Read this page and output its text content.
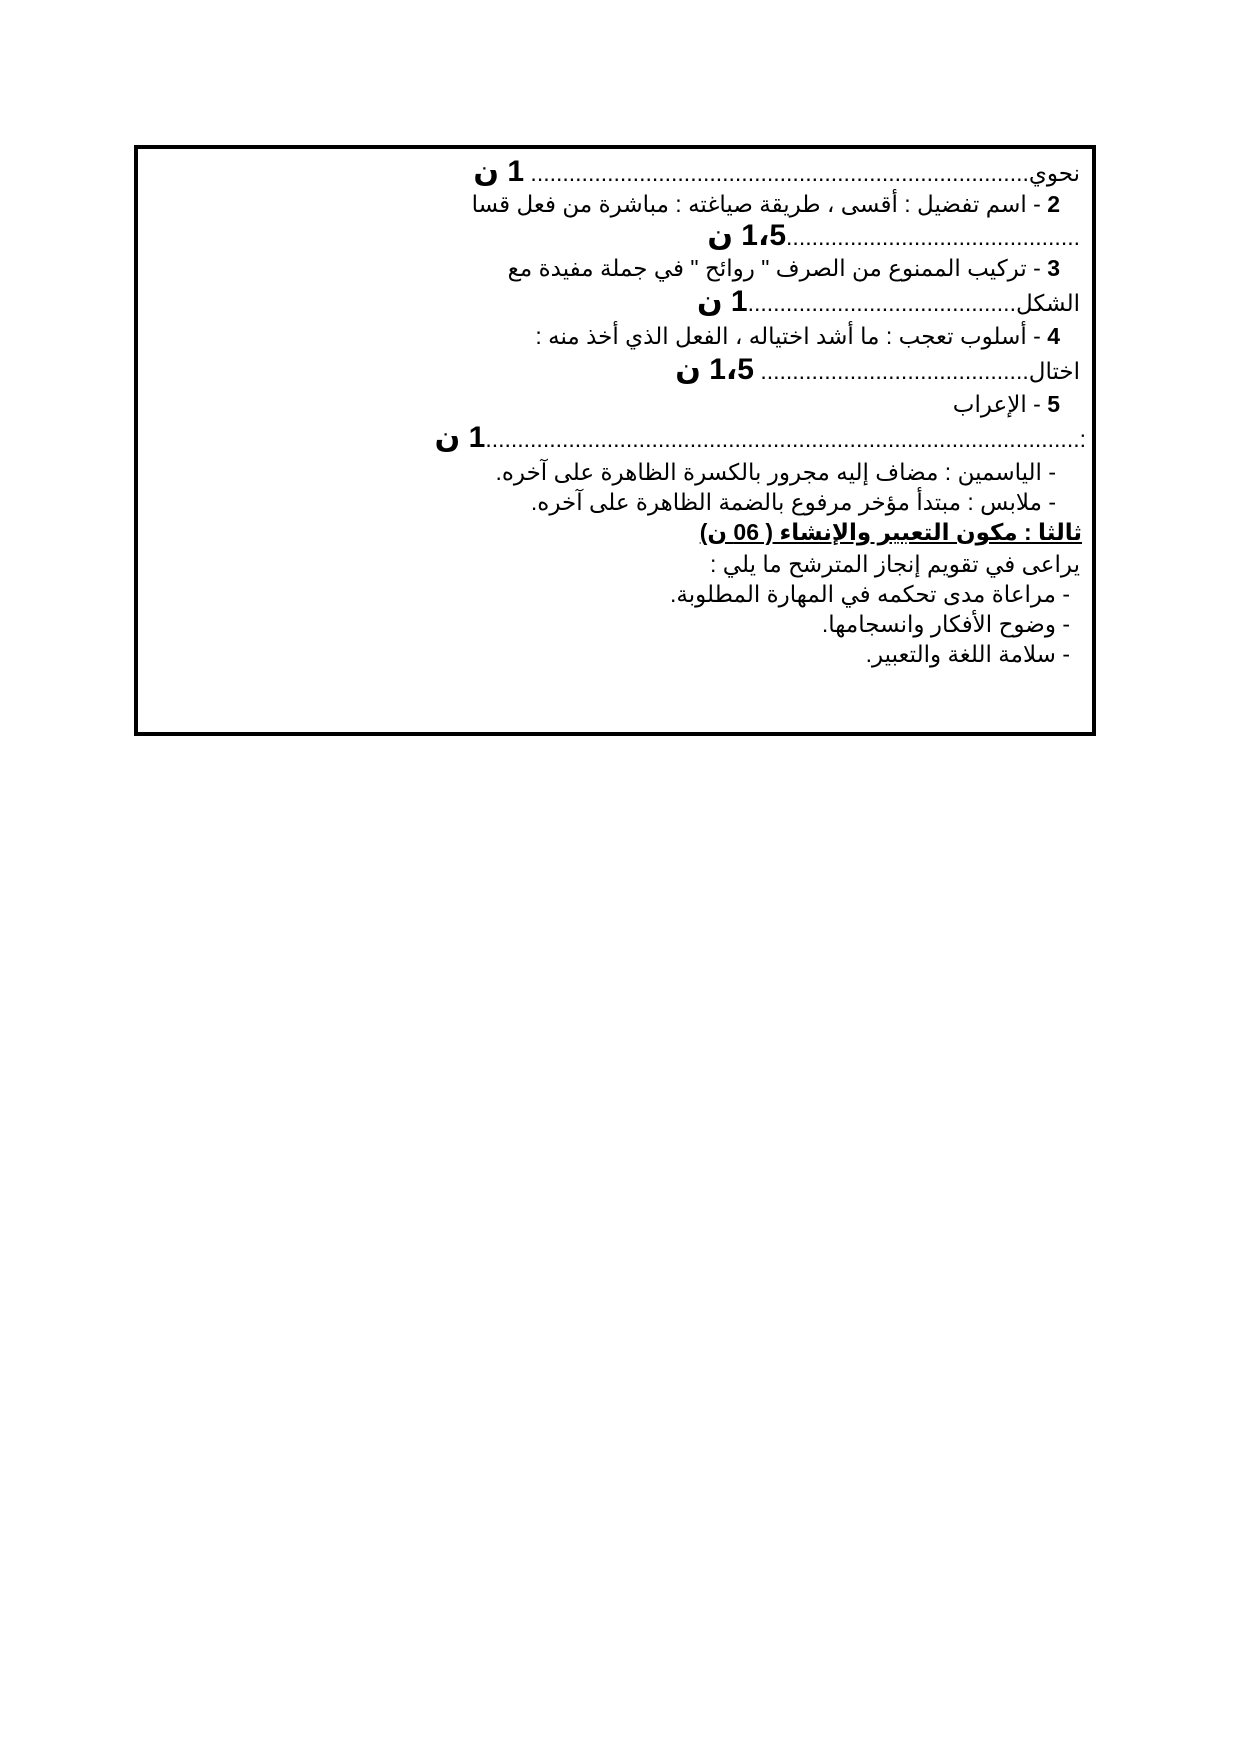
نحوي.............................................................................. 1 ن
2 - اسم تفضيل : أقسى ، طريقة صياغته : مباشرة من فعل قسا
..............................................1،5 ن
3 - تركيب الممنوع من الصرف " روائح " في جملة مفيدة مع
الشكل..........................................1 ن
4 - أسلوب تعجب : ما أشد اختياله ، الفعل الذي أخذ منه :
اختال.......................................... 1،5 ن
5 - الإعراب
:.............................................................................................1 ن
- الياسمين : مضاف إليه مجرور بالكسرة الظاهرة على آخره.
- ملابس : مبتدأ مؤخر مرفوع بالضمة الظاهرة على آخره.
ثالثا : مكون التعبير والإنشاء ( 06 ن)
يراعى في تقويم إنجاز المترشح ما يلي :
- مراعاة مدى تحكمه في المهارة المطلوبة.
- وضوح الأفكار وانسجامها.
- سلامة اللغة والتعبير.
